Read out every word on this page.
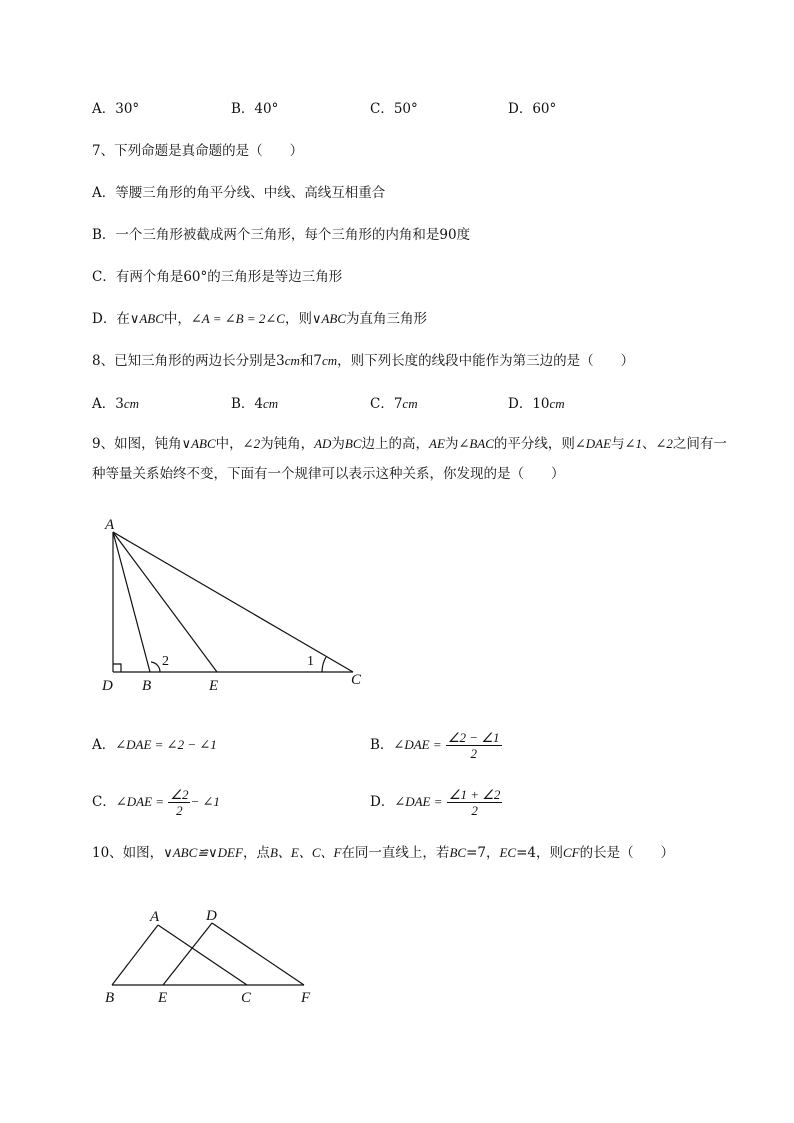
A．30°	B．40°	C．50°	D．60°
7、下列命题是真命题的是（　　）
A．等腰三角形的角平分线、中线、高线互相重合
B．一个三角形被截成两个三角形，每个三角形的内角和是90度
C．有两个角是60°的三角形是等边三角形
D．在∨ABC中，∠A = ∠B = 2∠C，则∨ABC为直角三角形
8、已知三角形的两边长分别是3cm和7cm，则下列长度的线段中能作为第三边的是（　　）
A．3cm	B．4cm	C．7cm	D．10cm
9、如图，钝角∨ABC中，∠2为钝角，AD为BC边上的高，AE为∠BAC的平分线，则∠DAE与∠1、∠2之间有一种等量关系始终不变，下面有一个规律可以表示这种关系，你发现的是（　　）
A
D B	E	C
1
2
A．∠DAE = ∠2 − ∠1	B．∠DAE = $\frac{\angle 2 - \angle 1}{2}$
C．∠DAE = $\frac{\angle 2}{2}$ − ∠1	D．∠DAE = $\frac{\angle 1 + \angle 2}{2}$
10、如图，∨ABC≌∨DEF，点B、E、C、F在同一直线上，若BC=7，EC=4，则CF的长是（　　）
A	D
B	E	C	F
